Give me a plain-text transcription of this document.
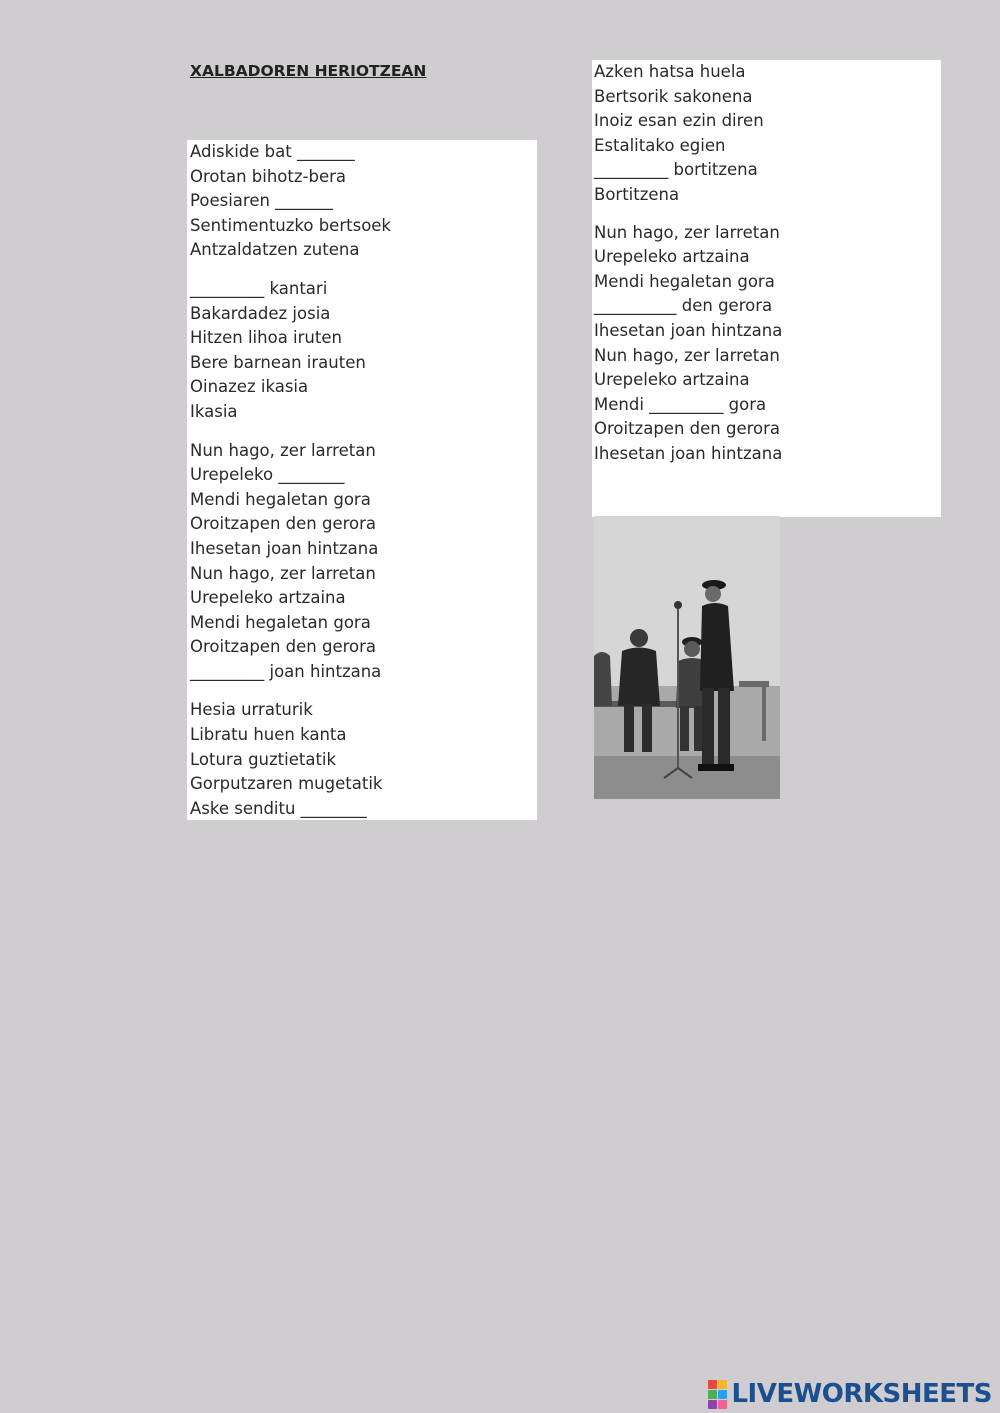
XALBADOREN HERIOTZEAN
Adiskide bat _______
Orotan bihotz-bera
Poesiaren _______
Sentimentuzko bertsoek
Antzaldatzen zutena
_________ kantari
Bakardadez josia
Hitzen lihoa iruten
Bere barnean irauten
Oinazez ikasia
Ikasia
Nun hago, zer larretan
Urepeleko ________
Mendi hegaletan gora
Oroitzapen den gerora
Ihesetan joan hintzana
Nun hago, zer larretan
Urepeleko artzaina
Mendi hegaletan gora
Oroitzapen den gerora
_________ joan hintzana
Hesia urraturik
Libratu huen kanta
Lotura guztietatik
Gorputzaren mugetatik
Aske senditu ________
Azken hatsa huela
Bertsorik sakonena
Inoiz esan ezin diren
Estalitako egien
_________ bortitzena
Bortitzena
Nun hago, zer larretan
Urepeleko artzaina
Mendi hegaletan gora
__________ den gerora
Ihesetan joan hintzana
Nun hago, zer larretan
Urepeleko artzaina
Mendi _________ gora
Oroitzapen den gerora
Ihesetan joan hintzana
LIVEWORKSHEETS
